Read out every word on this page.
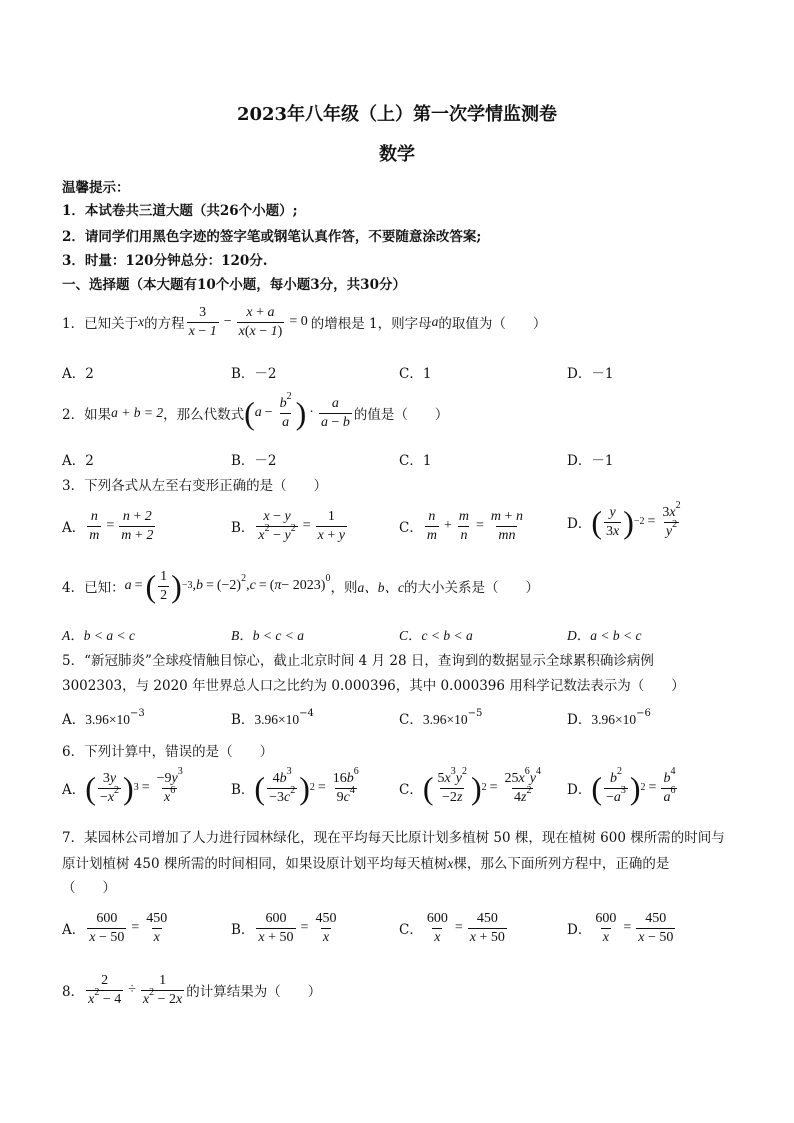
2023年八年级（上）第一次学情监测卷
数学
温馨提示：
1．本试卷共三道大题（共26个小题）;
2．请同学们用黑色字迹的签字笔或钢笔认真作答，不要随意涂改答案;
3．时量：120分钟总分：120分.
一、选择题（本大题有10个小题，每小题3分，共30分）
1．已知关于 x 的方程 $\frac{3}{x - 1} - \frac{x + a}{x(x - 1)} = 0$ 的增根是 1，则字母 a 的取值为（　　）
A．2	B．－2	C．1	D．－1
2．如果 a + b = 2 ，那么代数式 ( $a - \frac{b^2}{a}$ ) · $\frac{a}{a - b}$ 的值是（　　）
A．2	B．－2	C．1	D．－1
3．下列各式从左至右变形正确的是（　　）
A． $\frac{n}{m} = \frac{n + 2}{m + 2}$	B． $\frac{x - y}{x^2 - y^2} = \frac{1}{x + y}$	C． $\frac{n}{m} + \frac{m}{n} = \frac{m + n}{mn}$	D． ( $\frac{y}{3x}$ ) $-2 = \frac{3x^2}{y^2}$
4．已知： a = ( $\frac{1}{2}$ ) −3 , $b = (-2)^2$, c = ( π − 2023)$^0$
，则 a、b、c 的大小关系是（　　）
A．b < a < c	B．b < c < a	C．c < b < a	D．a < b < c
5．“新冠肺炎”全球疫情触目惊心，截止北京时间 4 月 28 日，查询到的数据显示全球累积确诊病例
3002303，与 2020 年世界总人口之比约为 0.000396，其中 0.000396 用科学记数法表示为（　　）
A．$3.96\times 10^{-3}$	B．$3.96\times 10^{-4}$	C．$3.96\times 10^{-5}$	D．$3.96\times 10^{-6}$
6．下列计算中，错误的是（　　）
A． ( $\frac{3y}{-x^2}$ ) $3 = \frac{-9y^3}{x^6}$	B． ( $\frac{4b^3}{-3c^2}$ ) $2 = \frac{16b^6}{9c^4}$	C． ( $\frac{5x^3y^2}{-2z}$ ) $2 = \frac{25x^6y^4}{4z^2}$ D． ( $\frac{b^2}{-a^3}$ ) $2 = \frac{b^4}{a^6}$
7．某园林公司增加了人力进行园林绿化，现在平均每天比原计划多植树 50 棵，现在植树 600 棵所需的时间与
原计划植树 450 棵所需的时间相同，如果设原计划平均每天植树x棵，那么下面所列方程中，正确的是
（　　）
A． $\frac{600}{x - 50} = \frac{450}{x}$	B． $\frac{600}{x + 50} = \frac{450}{x}$	C． $\frac{600}{x} = \frac{450}{x + 50}$	D． $\frac{600}{x} = \frac{450}{x - 50}$
8． $\frac{2}{x^2 - 4} \div \frac{1}{x^2 - 2x}$ 的计算结果为（　　）
